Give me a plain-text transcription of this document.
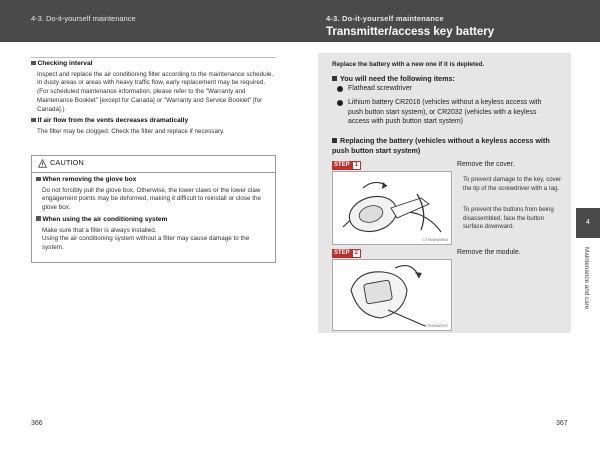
4-3. Do-it-yourself maintenance	4-3. Do-it-yourself maintenance
Transmitter/access key battery
Checking interval
Inspect and replace the air conditioning filter according to the maintenance schedule. In dusty areas or areas with heavy traffic flow, early replacement may be required. (For scheduled maintenance information, please refer to the "Warranty and Maintenance Booklet" [except for Canada] or "Warranty and Service Booklet" [for Canada].)
If air flow from the vents decreases dramatically
The filter may be clogged. Check the filter and replace if necessary.
CAUTION
When removing the glove box
Do not forcibly pull the glove box. Otherwise, the lower claws or the lower claw engagement points may be deformed, making it difficult to reinstall or close the glove box.
When using the air conditioning system
Make sure that a filter is always installed.
Using the air conditioning system without a filter may cause damage to the system.
Replace the battery with a new one if it is depleted.
You will need the following items:
Flathead screwdriver
Lithium battery CR2016 (vehicles without a keyless access with push button start system), or CR2032 (vehicles with a keyless access with push button start system)
Replacing the battery (vehicles without a keyless access with push button start system)
STEP 1
CTH04NSH44
Remove the cover.
To prevent damage to the key, cover the tip of the screwdriver with a rag.
To prevent the buttons from being disassembled, face the button surface downward.
STEP 2
CTH04AG07
Remove the module.
4
Maintenance and care
366	367
